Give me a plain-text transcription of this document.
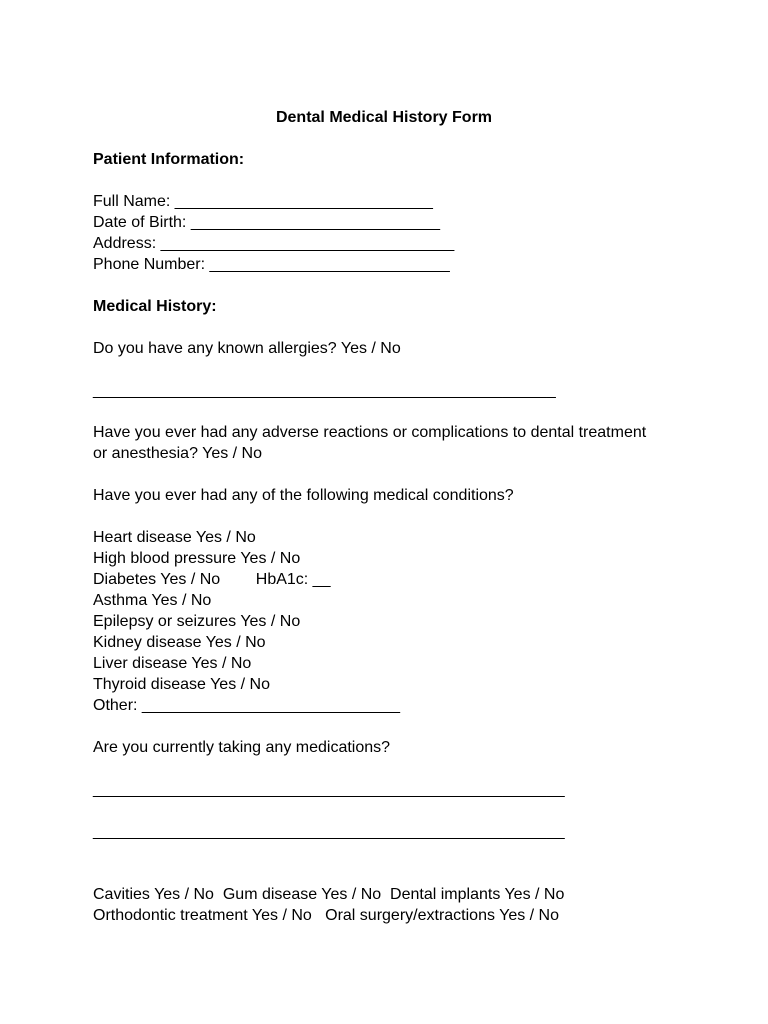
Dental Medical History Form

Patient Information:

Full Name: _____________________________

Date of Birth: ____________________________

Address: _________________________________

Phone Number: ___________________________

Medical History:

Do you have any known allergies? Yes / No

____________________________________________________

Have you ever had any adverse reactions or complications to dental treatment

or anesthesia? Yes / No

Have you ever had any of the following medical conditions?

Heart disease Yes / No

High blood pressure Yes / No

Diabetes Yes / No        HbA1c: __

Asthma Yes / No

Epilepsy or seizures Yes / No

Kidney disease Yes / No

Liver disease Yes / No

Thyroid disease Yes / No

Other: _____________________________

Are you currently taking any medications?

_____________________________________________________

_____________________________________________________

Cavities Yes / No  Gum disease Yes / No  Dental implants Yes / No

Orthodontic treatment Yes / No   Oral surgery/extractions Yes / No
